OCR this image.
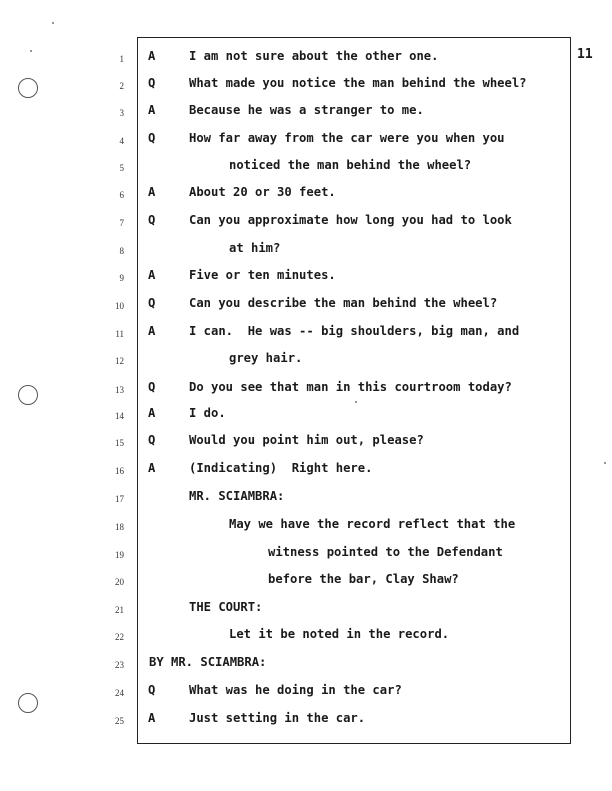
11
1 A	I am not sure about the other one.
2 Q	What made you notice the man behind the wheel?
3 A	Because he was a stranger to me.
4 Q	How far away from the car were you when you
5	noticed the man behind the wheel?
6 A	About 20 or 30 feet.
7 Q	Can you approximate how long you had to look
8	at him?
9 A	Five or ten minutes.
10 Q	Can you describe the man behind the wheel?
11 A	I can.  He was -- big shoulders, big man, and
12	grey hair.
13 Q	Do you see that man in this courtroom today?
14 A	I do.
15 Q	Would you point him out, please?
16 A	(Indicating)  Right here.
17	MR. SCIAMBRA:
18	May we have the record reflect that the
19	witness pointed to the Defendant
20	before the bar, Clay Shaw?
21	THE COURT:
22	Let it be noted in the record.
23 BY MR. SCIAMBRA:
24 Q	What was he doing in the car?
25 A	Just setting in the car.
